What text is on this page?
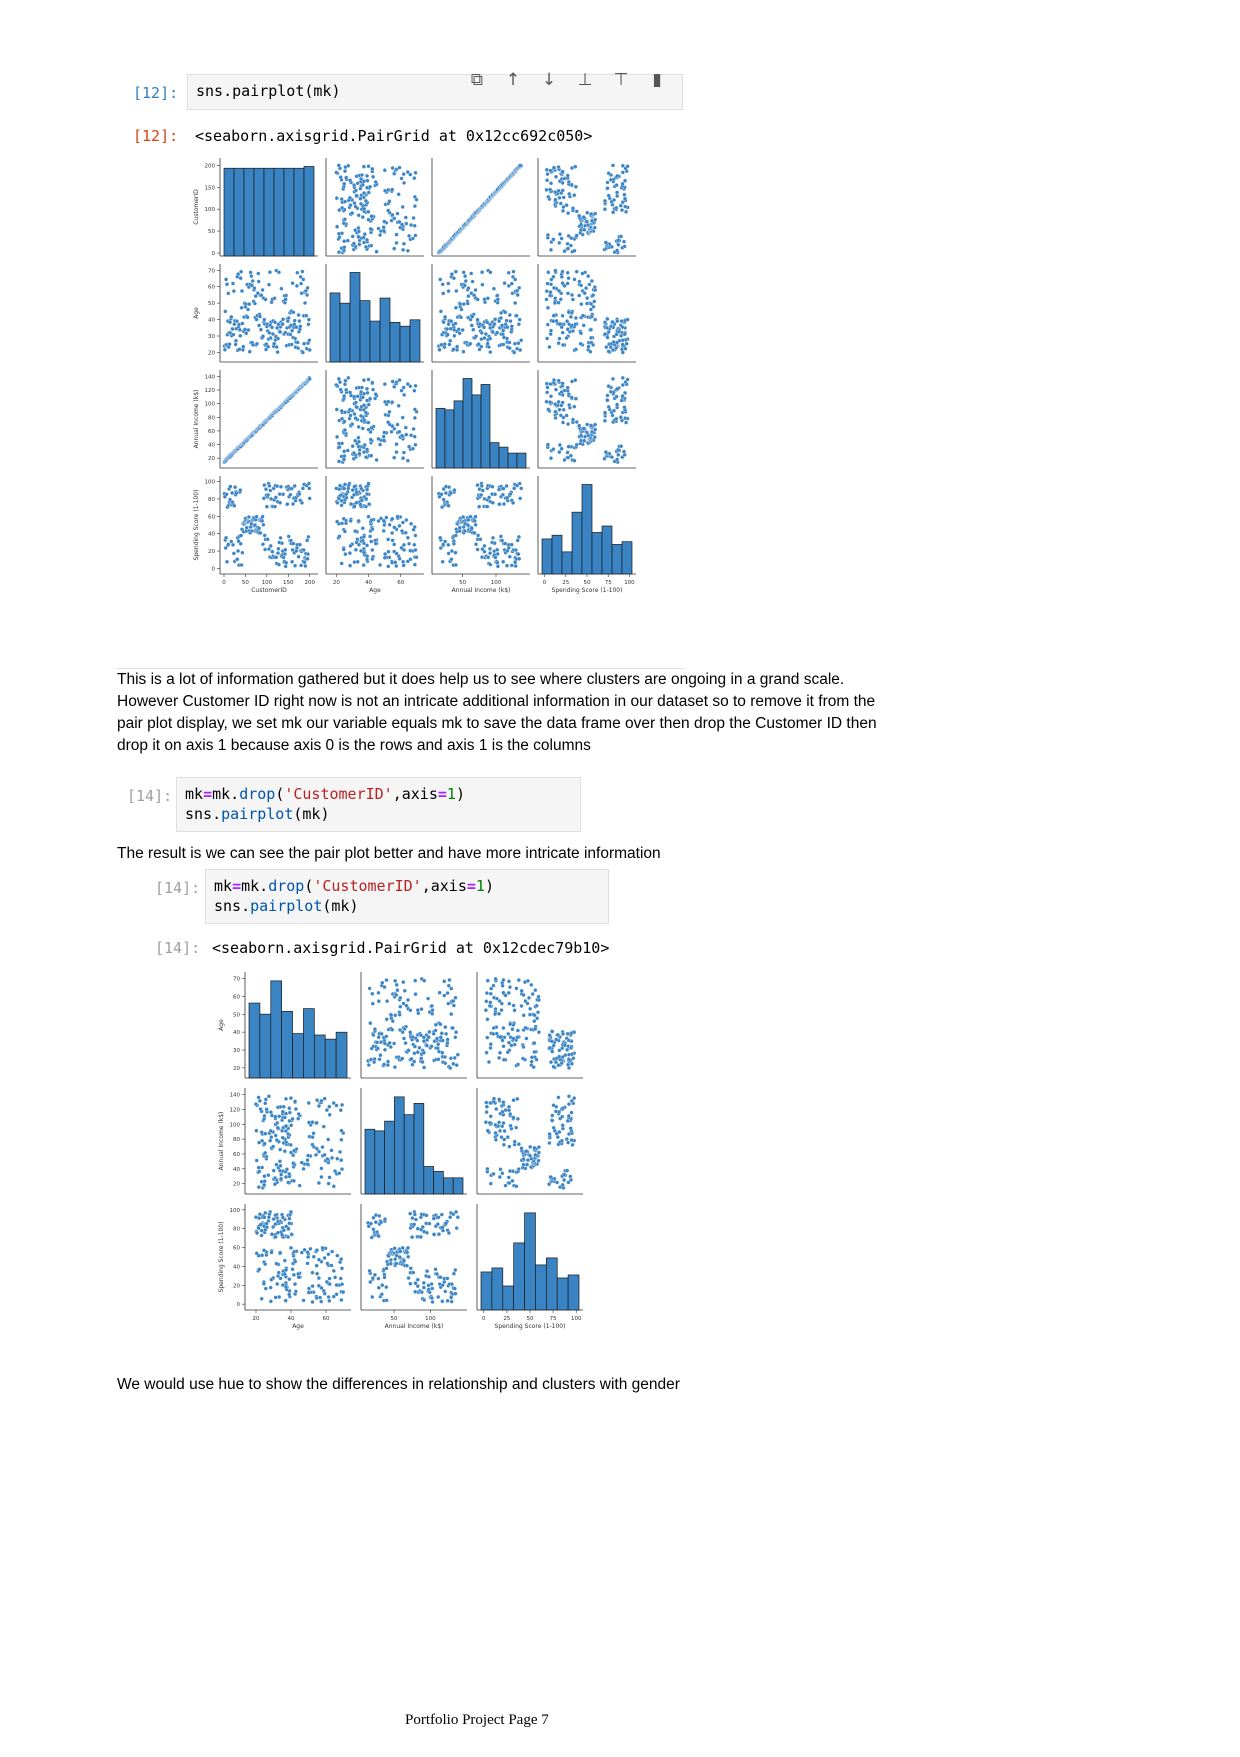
[12]:	sns.pairplot(mk)
⧉ ↑ ↓ ⊥ ⊤	▮
[12]: <seaborn.axisgrid.PairGrid at 0x12cc692c050>
0
50
100
150
200
CustomerID
20
30
40
50
60
70
Age
20
40
60
80
100
120
140
Annual Income (k$)
0
20
40
60
80
100
Spending Score (1-100)
0	50 100 150 200
CustomerID
20	40	60
Age
50	100
Annual Income (k$)
0	25	50	75 100
Spending Score (1-100)
This is a lot of information gathered but it does help us to see where clusters are ongoing in a grand scale. However Customer ID right now is not an intricate additional information in our dataset so to remove it from the pair plot display, we set mk our variable equals mk to save the data frame over then drop the Customer ID then drop it on axis 1 because axis 0 is the rows and axis 1 is the columns
[14]: mk=mk.drop('CustomerID',axis=1)
sns.pairplot(mk)
The result is we can see the pair plot better and have more intricate information
[14]: mk=mk.drop('CustomerID',axis=1)
sns.pairplot(mk)
[14]: <seaborn.axisgrid.PairGrid at 0x12cdec79b10>
20
30
40
50
60
70
Age
20
40
60
80
100
120
140
Annual Income (k$)
0
20
40
60
80
100
Spending Score (1-100)
20	40	60
Age
50	100
Annual Income (k$)
0	25	50	75	100
Spending Score (1-100)
We would use hue to show the differences in relationship and clusters with gender
Portfolio Project Page 7
